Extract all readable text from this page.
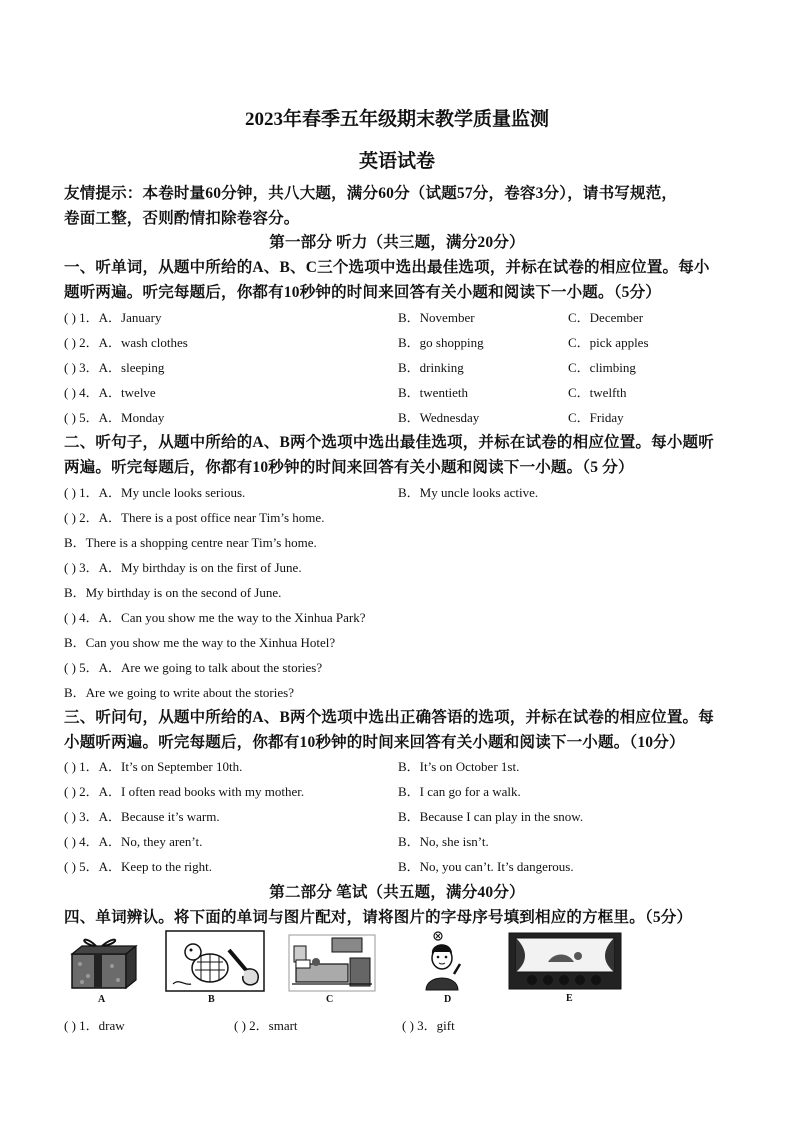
2023年春季五年级期末教学质量监测
英语试卷
友情提示：本卷时量60分钟，共八大题，满分60分（试题57分，卷容3分），请书写规范，
卷面工整，否则酌情扣除卷容分。
第一部分 听力（共三题，满分20分）
一、听单词，从题中所给的A、B、C三个选项中选出最佳选项，并标在试卷的相应位置。每小
题听两遍。听完每题后，你都有10秒钟的时间来回答有关小题和阅读下一小题。（5分）
( ) 1．A．January	B．November	C．December
( ) 2．A．wash clothes	B．go shopping	C．pick apples
( ) 3．A．sleeping	B．drinking	C．climbing
( ) 4．A．twelve	B．twentieth	C．twelfth
( ) 5．A．Monday	B．Wednesday	C．Friday
二、听句子，从题中所给的A、B两个选项中选出最佳选项，并标在试卷的相应位置。每小题听
两遍。听完每题后，你都有10秒钟的时间来回答有关小题和阅读下一小题。（5 分）
( ) 1．A．My uncle looks serious.	B．My uncle looks active.
( ) 2．A．There is a post office near Tim’s home.
B．There is a shopping centre near Tim’s home.
( ) 3．A．My birthday is on the first of June.
B．My birthday is on the second of June.
( ) 4．A．Can you show me the way to the Xinhua Park?
B．Can you show me the way to the Xinhua Hotel?
( ) 5．A．Are we going to talk about the stories?
B．Are we going to write about the stories?
三、听问句，从题中所给的A、B两个选项中选出正确答语的选项，并标在试卷的相应位置。每
小题听两遍。听完每题后，你都有10秒钟的时间来回答有关小题和阅读下一小题。（10分）
( ) 1．A．It’s on September 10th.	B．It’s on October 1st.
( ) 2．A．I often read books with my mother.	B．I can go for a walk.
( ) 3．A．Because it’s warm.	B．Because I can play in the snow.
( ) 4．A．No, they aren’t.	B．No, she isn’t.
( ) 5．A．Keep to the right.	B．No, you can’t. It’s dangerous.
第二部分 笔试（共五题，满分40分）
四、单词辨认。将下面的单词与图片配对，请将图片的字母序号填到相应的方框里。（5分）
A	B	C	D	E
( ) 1．draw	( ) 2．smart	( ) 3．gift
